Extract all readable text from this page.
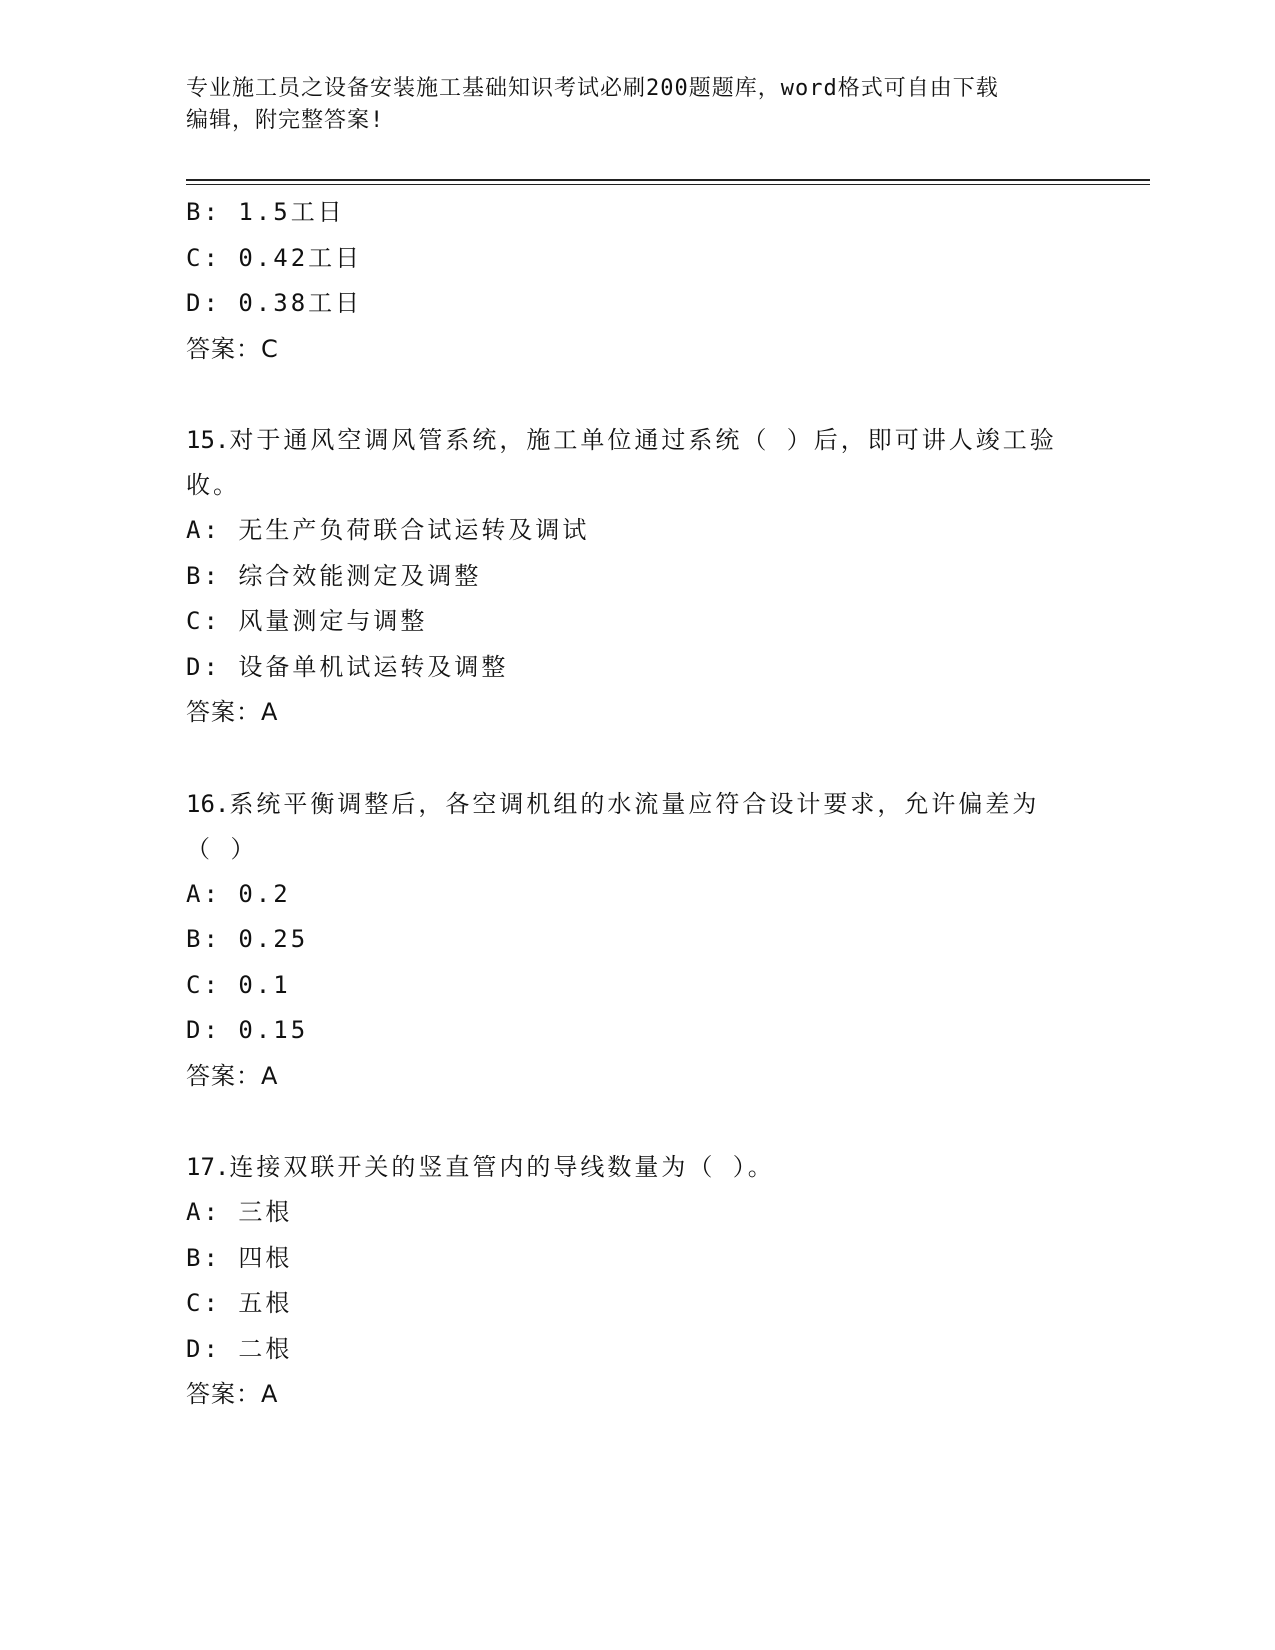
专业施工员之设备安装施工基础知识考试必刷200题题库，word格式可自由下载
编辑，附完整答案!
B: 1.5工日
C: 0.42工日
D: 0.38工日
答案：C
15.对于通风空调风管系统，施工单位通过系统（ ）后，即可讲人竣工验收。
A: 无生产负荷联合试运转及调试
B: 综合效能测定及调整
C: 风量测定与调整
D: 设备单机试运转及调整
答案：A
16.系统平衡调整后，各空调机组的水流量应符合设计要求，允许偏差为（ ）
A: 0.2
B: 0.25
C: 0.1
D: 0.15
答案：A
17.连接双联开关的竖直管内的导线数量为（ ）。
A: 三根
B: 四根
C: 五根
D: 二根
答案：A
